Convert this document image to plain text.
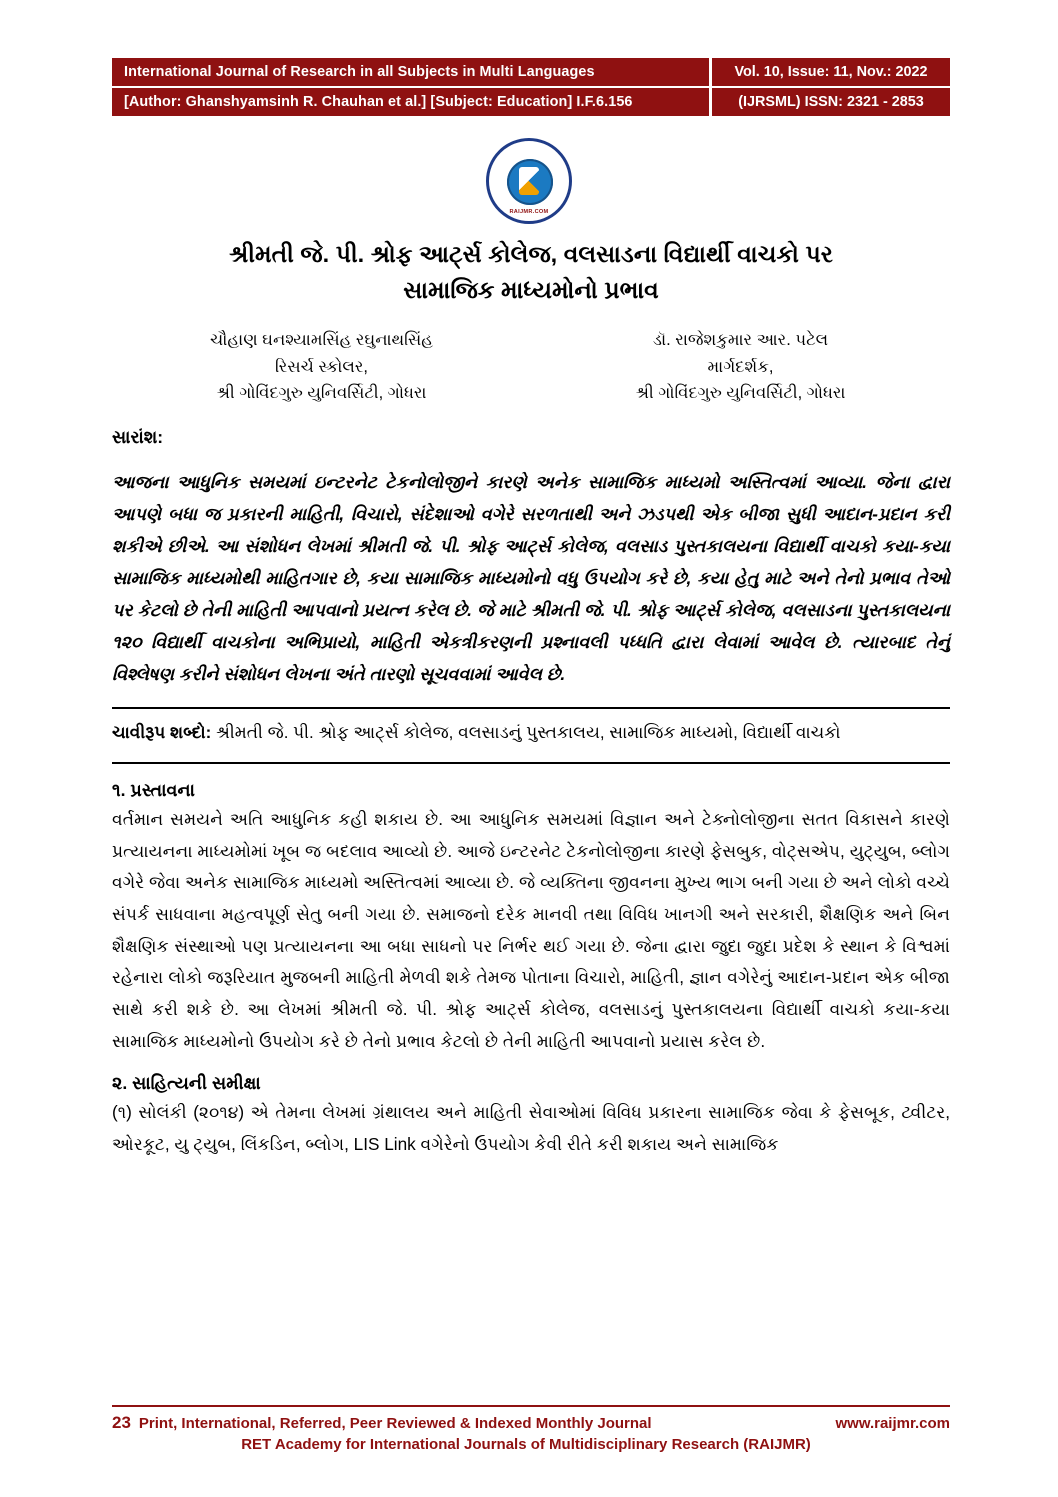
International Journal of Research in all Subjects in Multi Languages	Vol. 10, Issue: 11, Nov.: 2022
[Author: Ghanshyamsinh R. Chauhan et al.] [Subject: Education] I.F.6.156	(IJRSML) ISSN: 2321 - 2853
RAIJMR.COM
શ્રીમતી જે. પી. શ્રોફ આર્ટ્સ કોલેજ, વલસાડના વિદ્યાર્થી વાચકો પર
સામાજિક માધ્યમોનો પ્રભાવ
ચૌહાણ ઘનશ્યામસિંહ રઘુનાથસિંહ
રિસર્ચ સ્કોલર,
શ્રી ગોવિંદગુરુ યુનિવર્સિટી, ગોધરા
ડૉ. રાજેશકુમાર આર. પટેલ
માર્ગદર્શક,
શ્રી ગોવિંદગુરુ યુનિવર્સિટી, ગોધરા
સારાંશ:

આજના આધુનિક સમયમાં ઇન્ટરનેટ ટેકનોલોજીને કારણે અનેક સામાજિક માધ્યમો અસ્તિત્વમાં આવ્યા. જેના દ્વારા આપણે બધા જ પ્રકારની માહિતી, વિચારો, સંદેશાઓ વગેરે સરળતાથી અને ઝડપથી એક બીજા સુધી આદાન-પ્રદાન કરી શકીએ છીએ. આ સંશોધન લેખમાં શ્રીમતી જે. પી. શ્રોફ આર્ટ્સ કોલેજ, વલસાડ પુસ્તકાલયના વિદ્યાર્થી વાચકો કયા-કયા સામાજિક માધ્યમોથી માહિતગાર છે, કયા સામાજિક માધ્યમોનો વધુ ઉપયોગ કરે છે, કયા હેતુ માટે અને તેનો પ્રભાવ તેઓ પર કેટલો છે તેની માહિતી આપવાનો પ્રયત્ન કરેલ છે. જે માટે શ્રીમતી જે. પી. શ્રોફ આર્ટ્સ કોલેજ, વલસાડના પુસ્તકાલયના ૧૨૦ વિદ્યાર્થી વાચકોના અભિપ્રાયો, માહિતી એકત્રીકરણની પ્રશ્નાવલી પધ્ધતિ દ્વારા લેવામાં આવેલ છે. ત્યારબાદ તેનું વિશ્લેષણ કરીને સંશોધન લેખના અંતે તારણો સૂચવવામાં આવેલ છે.

ચાવીરૂપ શબ્દો: શ્રીમતી જે. પી. શ્રોફ આર્ટ્સ કોલેજ, વલસાડનું પુસ્તકાલય, સામાજિક માધ્યમો, વિદ્યાર્થી વાચકો
૧. પ્રસ્તાવના

વર્તમાન સમયને અતિ આધુનિક કહી શકાય છે. આ આધુનિક સમયમાં વિજ્ઞાન અને ટેક્નોલોજીના સતત વિકાસને કારણે પ્રત્યાયનના માધ્યમોમાં ખૂબ જ બદલાવ આવ્યો છે. આજે ઇન્ટરનેટ ટેકનોલોજીના કારણે ફેસબુક, વોટ્સએપ, યુટ્યુબ, બ્લોગ વગેરે જેવા અનેક સામાજિક માધ્યમો અસ્તિત્વમાં આવ્યા છે. જે વ્યક્તિના જીવનના મુખ્ય ભાગ બની ગયા છે અને લોકો વચ્ચે સંપર્ક સાધવાના મહત્વપૂર્ણ સેતુ બની ગયા છે. સમાજનો દરેક માનવી તથા વિવિધ ખાનગી અને સરકારી, શૈક્ષણિક અને બિન શૈક્ષણિક સંસ્થાઓ પણ પ્રત્યાયનના આ બધા સાધનો પર નિર્ભર થઈ ગયા છે. જેના દ્વારા જુદા જુદા પ્રદેશ કે સ્થાન કે વિશ્વમાં રહેનારા લોકો જરૂરિયાત મુજબની માહિતી મેળવી શકે તેમજ પોતાના વિચારો, માહિતી, જ્ઞાન વગેરેનું આદાન-પ્રદાન એક બીજા સાથે કરી શકે છે. આ લેખમાં શ્રીમતી જે. પી. શ્રોફ આર્ટ્સ કોલેજ, વલસાડનું પુસ્તકાલયના વિદ્યાર્થી વાચકો કયા-કયા સામાજિક માધ્યમોનો ઉપયોગ કરે છે તેનો પ્રભાવ કેટલો છે તેની માહિતી આપવાનો પ્રયાસ કરેલ છે.

૨. સાહિત્યની સમીક્ષા

(૧) સોલંકી (૨૦૧૪) એ તેમના લેખમાં ગ્રંથાલય અને માહિતી સેવાઓમાં વિવિધ પ્રકારના સામાજિક જેવા કે ફેસબૂક, ટ્વીટર, ઓરકૂટ, યુ ટ્યુબ, લિંકડિન, બ્લોગ, LIS Link વગેરેનો ઉપયોગ કેવી રીતે કરી શકાય અને સામાજિક

23 Print, International, Referred, Peer Reviewed & Indexed Monthly Journal	www.raijmr.com
RET Academy for International Journals of Multidisciplinary Research (RAIJMR)
